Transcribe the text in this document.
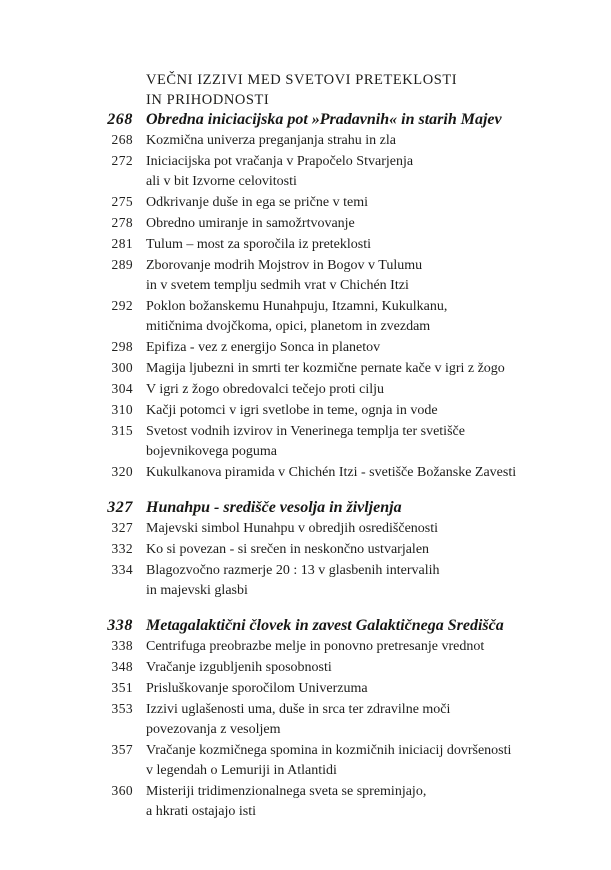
VEČNI IZZIVI MED SVETOVI PRETEKLOSTI
IN PRIHODNOSTI
268 Obredna iniciacijska pot »Pradavnih« in starih Majev
268 Kozmična univerza preganjanja strahu in zla
272 Iniciacijska pot vračanja v Prapočelo Stvarjenja
ali v bit Izvorne celovitosti
275 Odkrivanje duše in ega se prične v temi
278 Obredno umiranje in samožrtvovanje
281 Tulum – most za sporočila iz preteklosti
289 Zborovanje modrih Mojstrov in Bogov v Tulumu
in v svetem templju sedmih vrat v Chichén Itzi
292 Poklon božanskemu Hunahpuju, Itzamni, Kukulkanu,
mitičnima dvojčkoma, opici, planetom in zvezdam
298 Epifiza - vez z energijo Sonca in planetov
300 Magija ljubezni in smrti ter kozmične pernate kače v igri z žogo
304 V igri z žogo obredovalci tečejo proti cilju
310 Kačji potomci v igri svetlobe in teme, ognja in vode
315 Svetost vodnih izvirov in Venerinega templja ter svetišče
bojevnikovega poguma
320 Kukulkanova piramida v Chichén Itzi - svetišče Božanske Zavesti
327 Hunahpu - središče vesolja in življenja
327 Majevski simbol Hunahpu v obredjih osrediščenosti
332 Ko si povezan - si srečen in neskončno ustvarjalen
334 Blagozvočno razmerje 20 : 13 v glasbenih intervalih
in majevski glasbi
338 Metagalaktični človek in zavest Galaktičnega Središča
338 Centrifuga preobrazbe melje in ponovno pretresanje vrednot
348 Vračanje izgubljenih sposobnosti
351 Prisluškovanje sporočilom Univerzuma
353 Izzivi uglašenosti uma, duše in srca ter zdravilne moči
povezovanja z vesoljem
357 Vračanje kozmičnega spomina in kozmičnih iniciacij dovršenosti
v legendah o Lemuriji in Atlantidi
360 Misteriji tridimenzionalnega sveta se spreminjajo,
a hkrati ostajajo isti
